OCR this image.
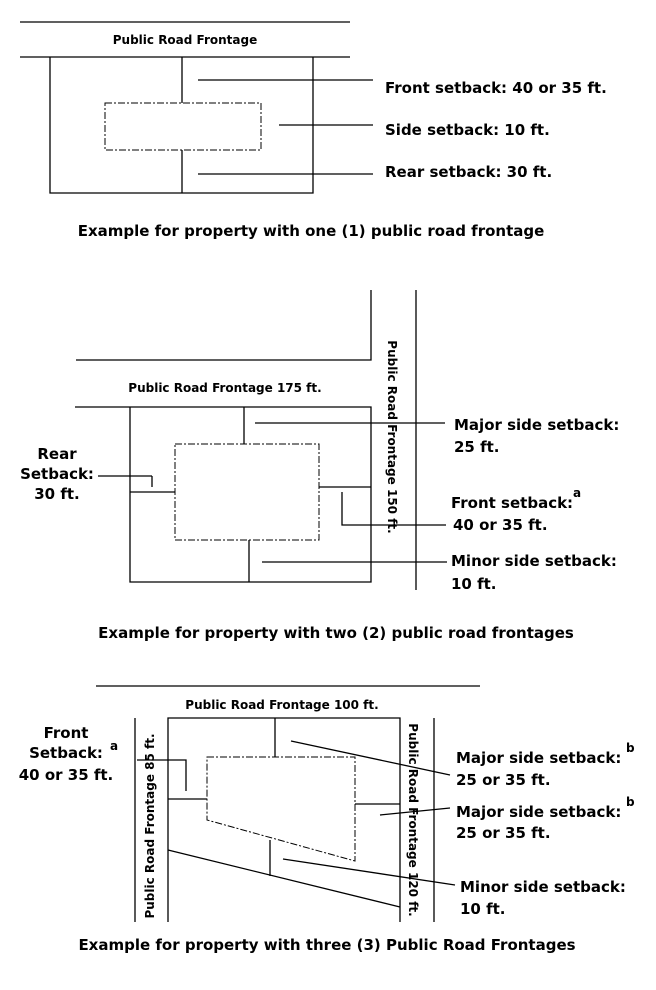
Public Road Frontage
Front setback: 40 or 35 ft.
Side setback: 10 ft.
Rear setback: 30 ft.
Example for property with one (1) public road frontage
Public Road Frontage 175 ft.	Public Road Frontage 150 ft.
Rear
Setback:
30 ft.
Major side setback:
25 ft.
Front setback:
a
40 or 35 ft.
Minor side setback:
10 ft.
Example for property with two (2) public road frontages
Public Road Frontage 100 ft.
Public Road Frontage 85 ft.	Public Road Frontage 120 ft.
Front
Setback: a
40 or 35 ft.
Major side setback:
b
25 or 35 ft.
Major side setback:
b
25 or 35 ft.
Minor side setback:
10 ft.
Example for property with three (3) Public Road Frontages
